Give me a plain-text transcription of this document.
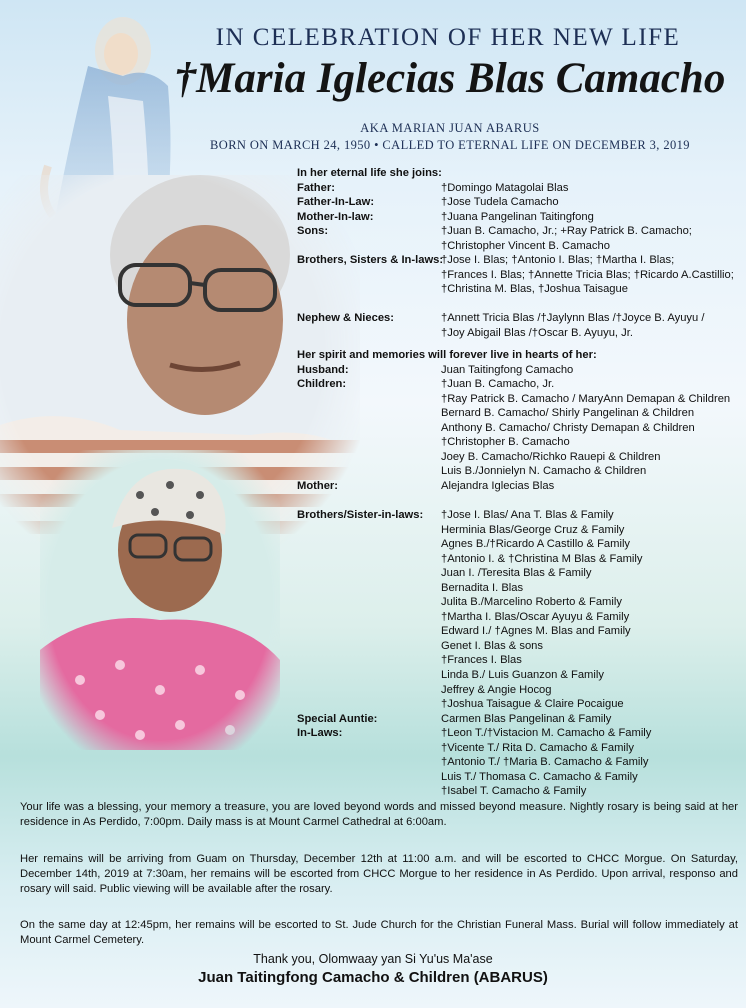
IN CELEBRATION OF HER NEW LIFE
†Maria Iglecias Blas Camacho
AKA MARIAN JUAN ABARUS
BORN ON MARCH 24, 1950 • CALLED TO ETERNAL LIFE ON DECEMBER 3, 2019
In her eternal life she joins:
Father:	†Domingo Matagolai Blas
Father-In-Law:	†Jose Tudela Camacho
Mother-In-law:	†Juana Pangelinan Taitingfong
Sons:	†Juan B. Camacho, Jr.; +Ray Patrick B. Camacho;
†Christopher Vincent B. Camacho
Brothers, Sisters & In-laws:
†Jose I. Blas; †Antonio I. Blas; †Martha I. Blas;
†Frances I. Blas; †Annette Tricia Blas; †Ricardo A.Castillio;
†Christina M. Blas, †Joshua Taisague
Nephew & Nieces:	†Annett Tricia Blas /†Jaylynn Blas /†Joyce B. Ayuyu /
†Joy Abigail Blas /†Oscar B. Ayuyu, Jr.
Her spirit and memories will forever live in hearts of her:
Husband:	Juan Taitingfong Camacho
Children:	†Juan B. Camacho, Jr.
†Ray Patrick B. Camacho / MaryAnn Demapan & Children
Bernard B. Camacho/ Shirly Pangelinan & Children
Anthony B. Camacho/ Christy Demapan & Children
†Christopher B. Camacho
Joey B. Camacho/Richko Rauepi & Children
Luis B./Jonnielyn N. Camacho & Children
Mother:	Alejandra Iglecias Blas
Brothers/Sister-in-laws:	†Jose I. Blas/ Ana T. Blas & Family
Herminia Blas/George Cruz & Family
Agnes B./†Ricardo A Castillo & Family
†Antonio I. & †Christina M Blas & Family
Juan I. /Teresita Blas & Family
Bernadita I. Blas
Julita B./Marcelino Roberto & Family
†Martha I. Blas/Oscar Ayuyu & Family
Edward I./ †Agnes M. Blas and Family
Genet I. Blas & sons
†Frances I. Blas
Linda B./ Luis Guanzon & Family
Jeffrey & Angie Hocog
†Joshua Taisague & Claire Pocaigue
Special Auntie:	Carmen Blas Pangelinan & Family
In-Laws:	†Leon T./†Vistacion M. Camacho & Family
†Vicente T./ Rita D. Camacho & Family
†Antonio T./ †Maria B. Camacho & Family
Luis T./ Thomasa C. Camacho & Family
†Isabel T. Camacho & Family
Your life was a blessing, your memory a treasure, you are loved beyond words and missed beyond measure. Nightly rosary is being said at her residence in As Perdido, 7:00pm. Daily mass is at Mount Carmel Cathedral at 6:00am.
Her remains will be arriving from Guam on Thursday, December 12th at 11:00 a.m. and will be escorted to CHCC Morgue. On Saturday, December 14th, 2019 at 7:30am, her remains will be escorted from CHCC Morgue to her residence in As Perdido. Upon arrival, responso and rosary will said. Public viewing will be available after the rosary.
On the same day at 12:45pm, her remains will be escorted to St. Jude Church for the Christian Funeral Mass. Burial will follow immediately at Mount Carmel Cemetery.
Thank you, Olomwaay yan Si Yu'us Ma'ase
Juan Taitingfong Camacho & Children (ABARUS)
